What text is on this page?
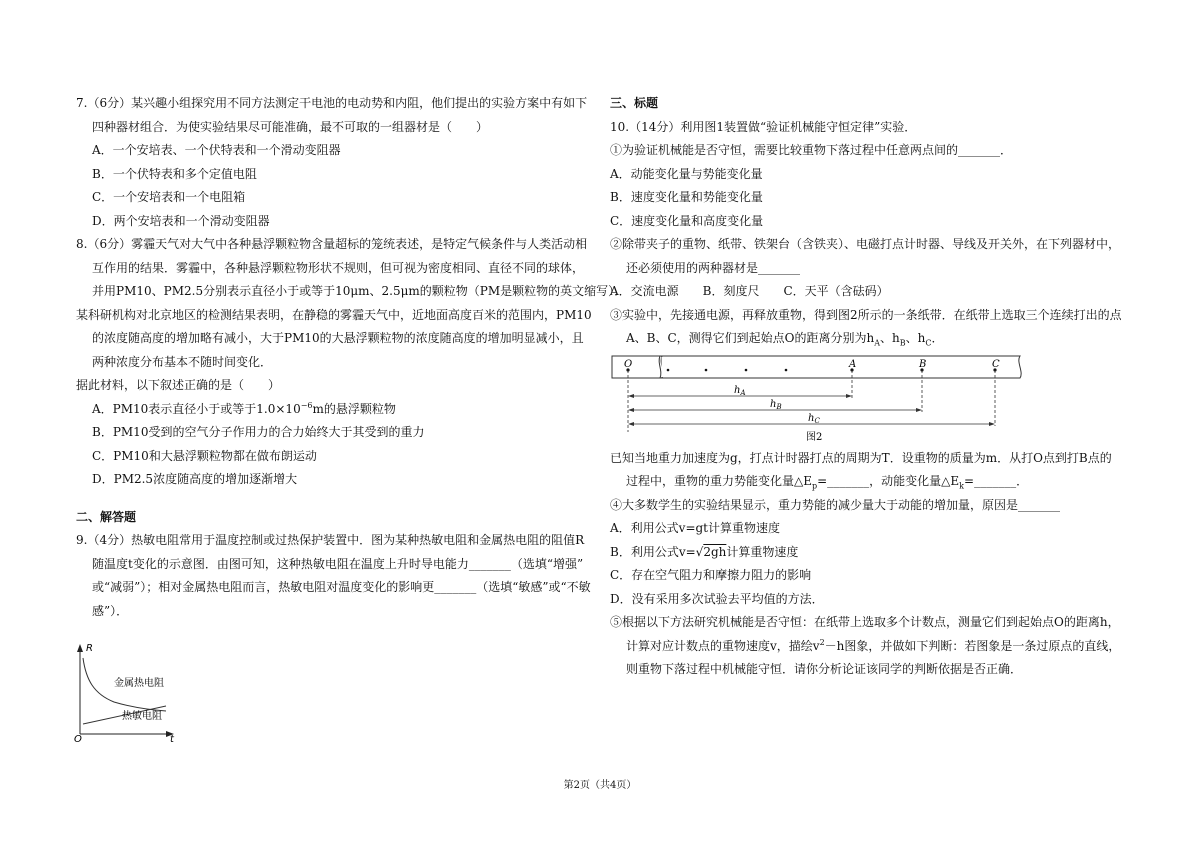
7.（6分）某兴趣小组探究用不同方法测定干电池的电动势和内阻，他们提出的实验方案中有如下
四种器材组合．为使实验结果尽可能准确，最不可取的一组器材是（　　）
A．一个安培表、一个伏特表和一个滑动变阻器
B．一个伏特表和多个定值电阻
C．一个安培表和一个电阻箱
D．两个安培表和一个滑动变阻器
8.（6分）雾霾天气对大气中各种悬浮颗粒物含量超标的笼统表述，是特定气候条件与人类活动相
互作用的结果．雾霾中，各种悬浮颗粒物形状不规则，但可视为密度相同、直径不同的球体，
并用PM10、PM2.5分别表示直径小于或等于10μm、2.5μm的颗粒物（PM是颗粒物的英文缩写）．
某科研机构对北京地区的检测结果表明，在静稳的雾霾天气中，近地面高度百米的范围内，PM10
的浓度随高度的增加略有减小，大于PM10的大悬浮颗粒物的浓度随高度的增加明显减小，且
两种浓度分布基本不随时间变化．
据此材料，以下叙述正确的是（　　）
A．PM10表示直径小于或等于$1.0\times 10^{-6}m$的悬浮颗粒物
B．PM10受到的空气分子作用力的合力始终大于其受到的重力
C．PM10和大悬浮颗粒物都在做布朗运动
D．PM2.5浓度随高度的增加逐渐增大
二、解答题
9.（4分）热敏电阻常用于温度控制或过热保护装置中．图为某种热敏电阻和金属热电阻的阻值R
随温度t变化的示意图．由图可知，这种热敏电阻在温度上升时导电能力_______（选填“增强”
或“减弱”）；相对金属热电阻而言，热敏电阻对温度变化的影响更_______（选填“敏感”或“不敏
感”）．
R
t
O
金属热电阻
热敏电阻
三、标题
10.（14分）利用图1装置做“验证机械能守恒定律”实验．
①为验证机械能是否守恒，需要比较重物下落过程中任意两点间的_______．
A．动能变化量与势能变化量
B．速度变化量和势能变化量
C．速度变化量和高度变化量
②除带夹子的重物、纸带、铁架台（含铁夹）、电磁打点计时器、导线及开关外，在下列器材中，
还必须使用的两种器材是_______
A．交流电源　　B．刻度尺　　C．天平（含砝码）
③实验中，先接通电源，再释放重物，得到图2所示的一条纸带．在纸带上选取三个连续打出的点
A、B、C，测得它们到起始点O的距离分别为$h_A$、$h_B$、$h_C$．
已知当地重力加速度为g，打点计时器打点的周期为T．设重物的质量为m．从打O点到打B点的
过程中，重物的重力势能变化量$\triangle E_p=\_\_\_\_\_\_\_$，动能变化量$\triangle E_k=\_\_\_\_\_\_\_$．
④大多数学生的实验结果显示，重力势能的减少量大于动能的增加量，原因是_______
A．利用公式v=gt计算重物速度
B．利用公式v=√2gh计算重物速度
C．存在空气阻力和摩擦力阻力的影响
D．没有采用多次试验去平均值的方法．
⑤根据以下方法研究机械能是否守恒：在纸带上选取多个计数点，测量它们到起始点O的距离h，
计算对应计数点的重物速度v，描绘$v^2-h$图象，并做如下判断：若图象是一条过原点的直线，
则重物下落过程中机械能守恒．请你分析论证该同学的判断依据是否正确．
O	A	B	C
$h_A$
$h_B$
$h_C$
图2
第2页（共4页）
